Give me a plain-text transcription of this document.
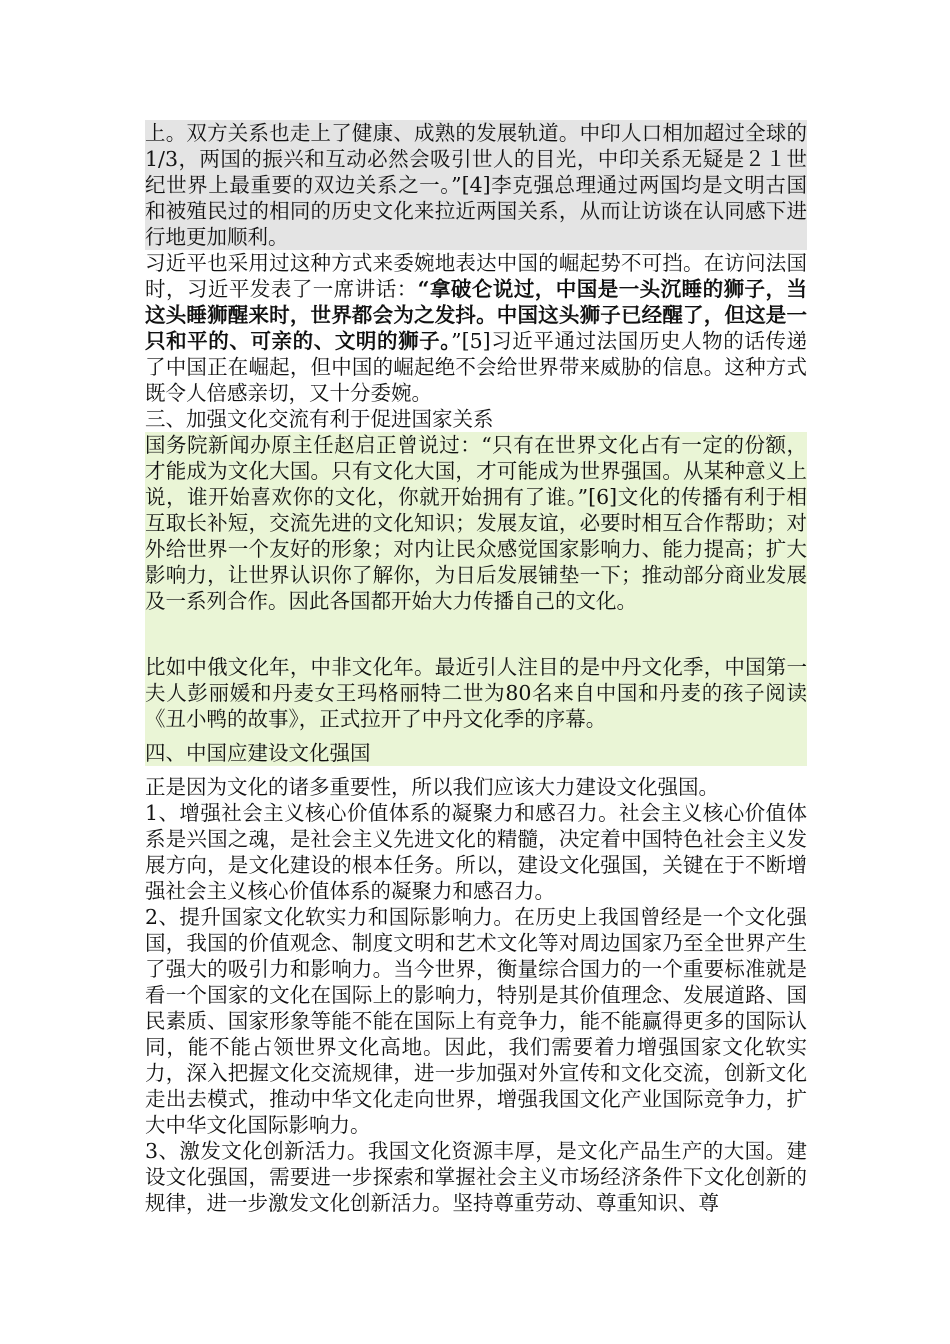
上。双方关系也走上了健康、成熟的发展轨道。中印人口相加超过全球的1/3，两国的振兴和互动必然会吸引世人的目光，中印关系无疑是２１世纪世界上最重要的双边关系之一。”[4]李克强总理通过两国均是文明古国和被殖民过的相同的历史文化来拉近两国关系，从而让访谈在认同感下进行地更加顺利。

习近平也采用过这种方式来委婉地表达中国的崛起势不可挡。在访问法国时，习近平发表了一席讲话：“拿破仑说过，中国是一头沉睡的狮子，当这头睡狮醒来时，世界都会为之发抖。中国这头狮子已经醒了，但这是一只和平的、可亲的、文明的狮子。”[5]习近平通过法国历史人物的话传递了中国正在崛起，但中国的崛起绝不会给世界带来威胁的信息。这种方式既令人倍感亲切，又十分委婉。

三、加强文化交流有利于促进国家关系

国务院新闻办原主任赵启正曾说过：“只有在世界文化占有一定的份额，才能成为文化大国。只有文化大国，才可能成为世界强国。从某种意义上说，谁开始喜欢你的文化，你就开始拥有了谁。”[6]文化的传播有利于相互取长补短，交流先进的文化知识；发展友谊，必要时相互合作帮助；对外给世界一个友好的形象；对内让民众感觉国家影响力、能力提高；扩大影响力，让世界认识你了解你，为日后发展铺垫一下；推动部分商业发展及一系列合作。因此各国都开始大力传播自己的文化。

比如中俄文化年，中非文化年。最近引人注目的是中丹文化季，中国第一夫人彭丽媛和丹麦女王玛格丽特二世为80名来自中国和丹麦的孩子阅读《丑小鸭的故事》，正式拉开了中丹文化季的序幕。

四、中国应建设文化强国

正是因为文化的诸多重要性，所以我们应该大力建设文化强国。

1、增强社会主义核心价值体系的凝聚力和感召力。社会主义核心价值体系是兴国之魂，是社会主义先进文化的精髓，决定着中国特色社会主义发展方向，是文化建设的根本任务。所以，建设文化强国，关键在于不断增强社会主义核心价值体系的凝聚力和感召力。

2、提升国家文化软实力和国际影响力。在历史上我国曾经是一个文化强国，我国的价值观念、制度文明和艺术文化等对周边国家乃至全世界产生了强大的吸引力和影响力。当今世界，衡量综合国力的一个重要标准就是看一个国家的文化在国际上的影响力，特别是其价值理念、发展道路、国民素质、国家形象等能不能在国际上有竞争力，能不能赢得更多的国际认同，能不能占领世界文化高地。因此，我们需要着力增强国家文化软实力，深入把握文化交流规律，进一步加强对外宣传和文化交流，创新文化走出去模式，推动中华文化走向世界，增强我国文化产业国际竞争力，扩大中华文化国际影响力。

3、激发文化创新活力。我国文化资源丰厚，是文化产品生产的大国。建设文化强国，需要进一步探索和掌握社会主义市场经济条件下文化创新的规律，进一步激发文化创新活力。坚持尊重劳动、尊重知识、尊
